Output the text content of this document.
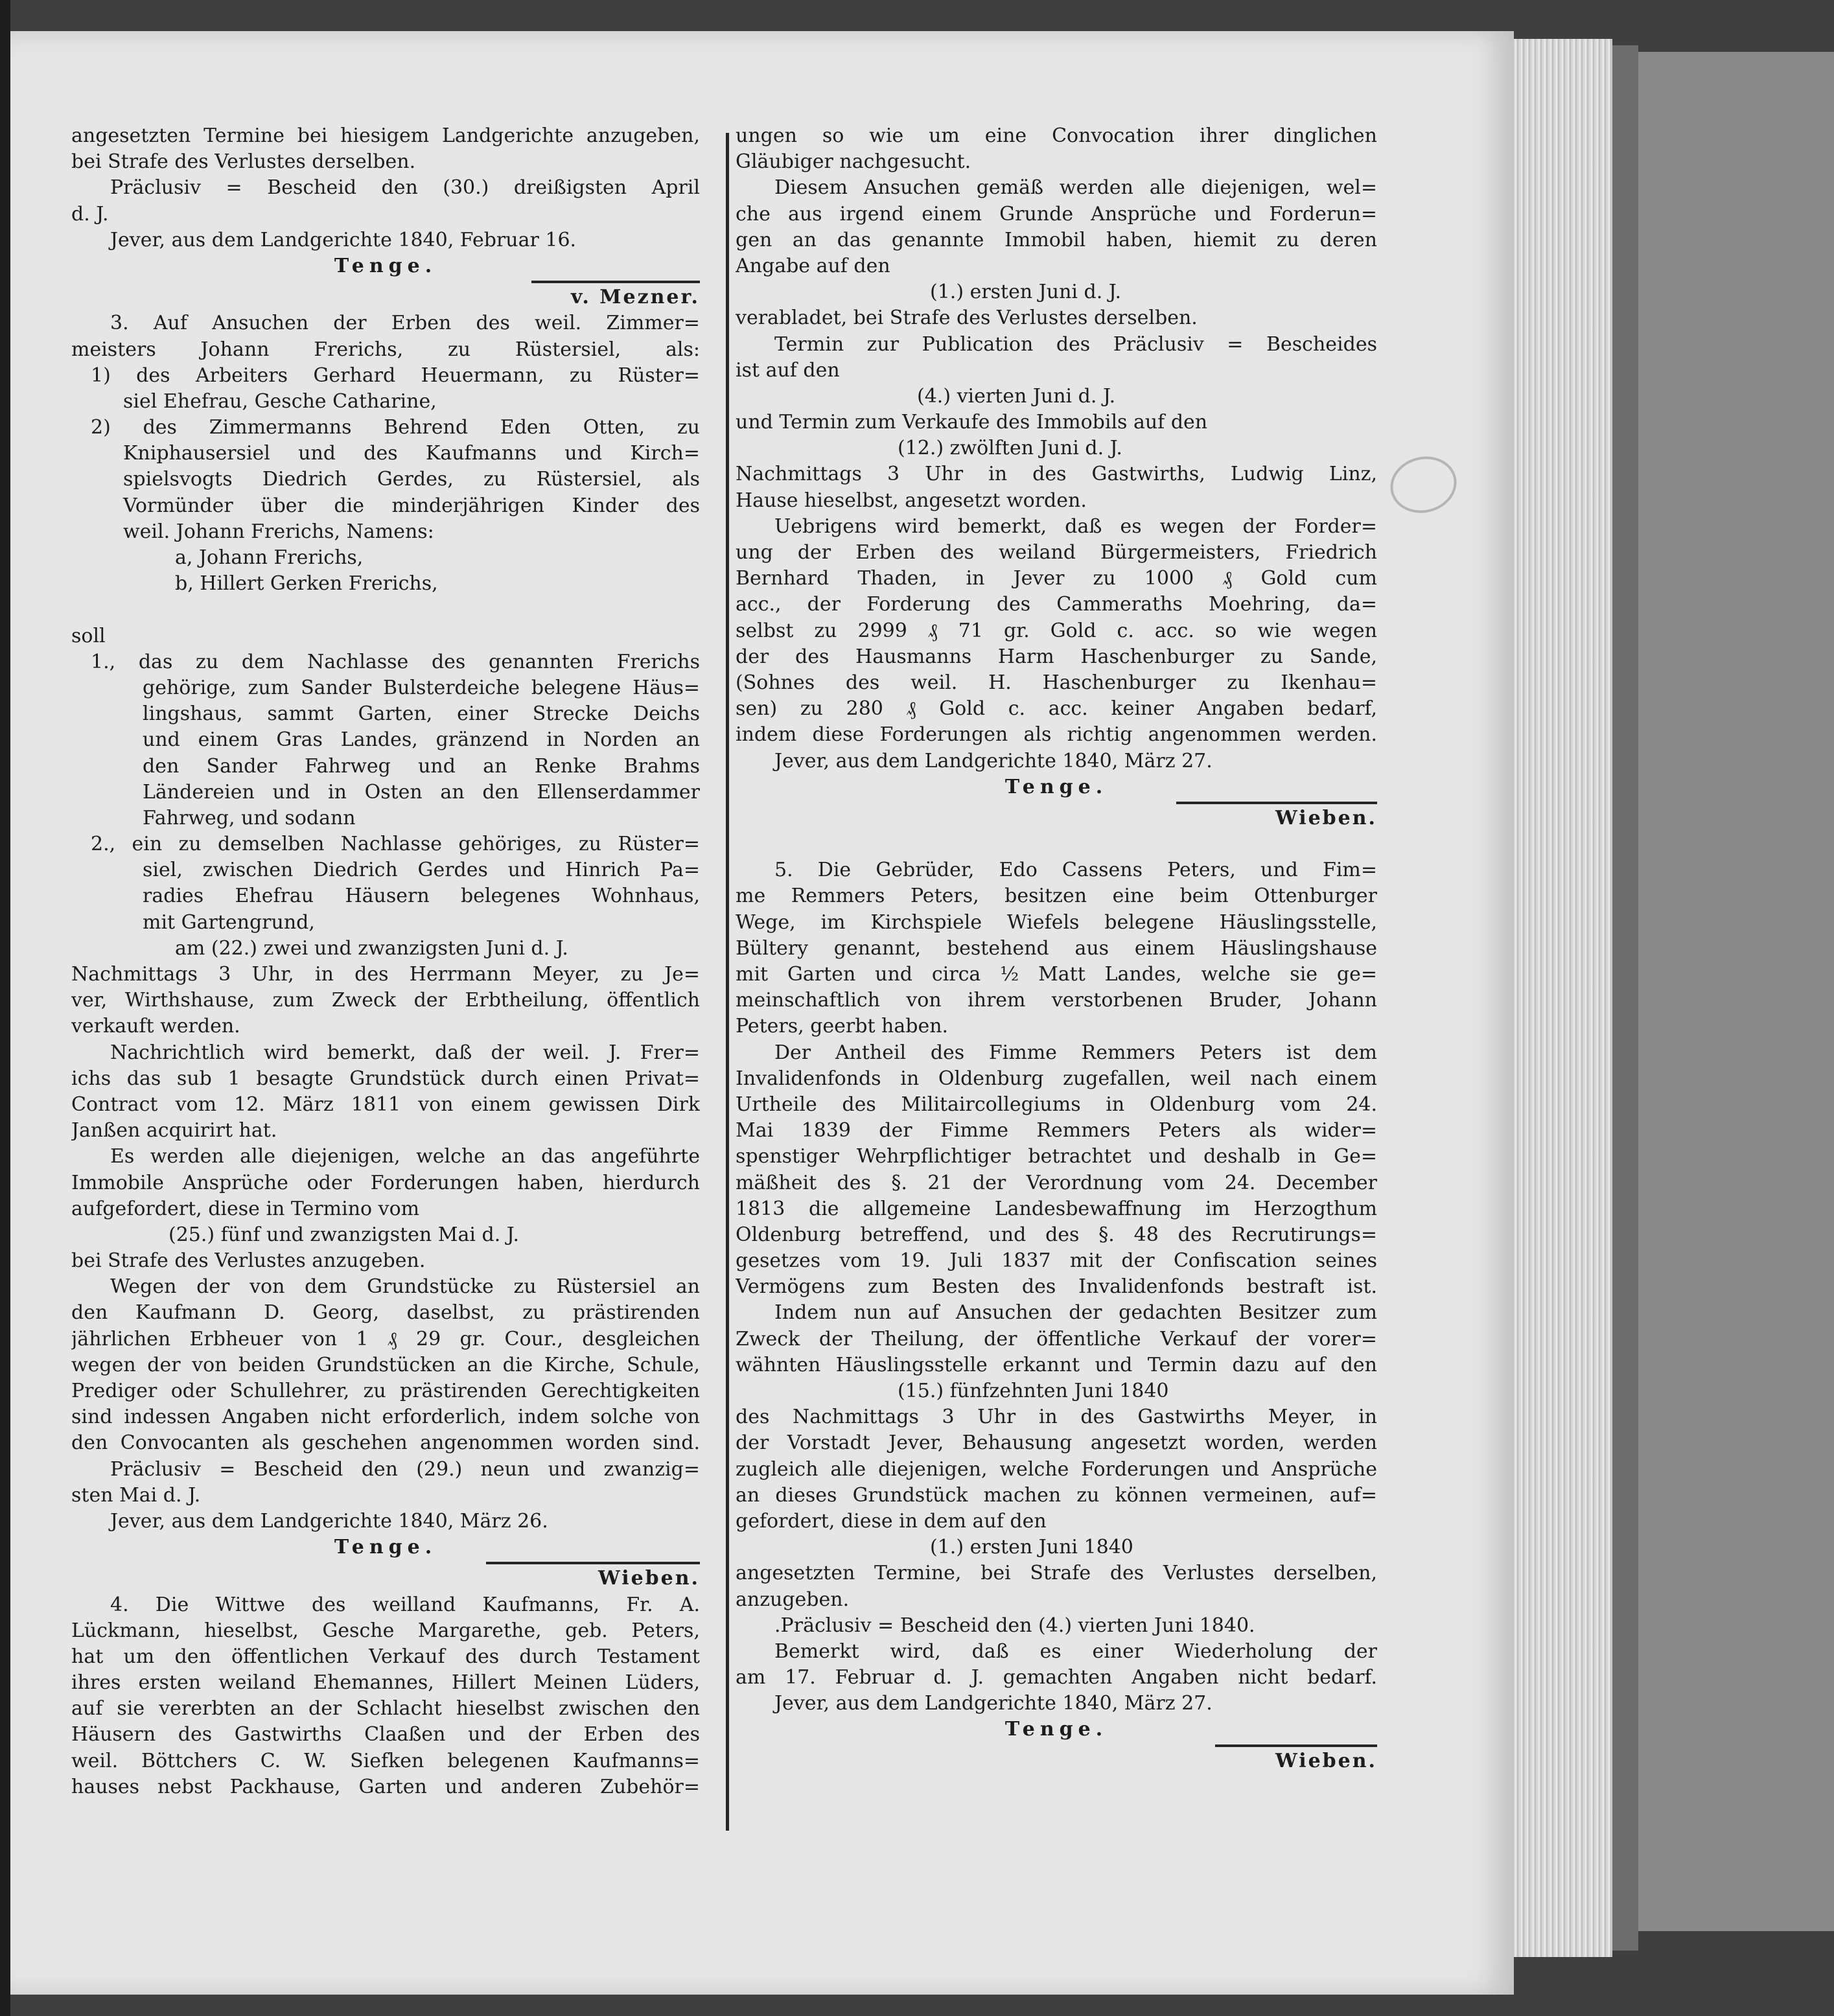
angesetzten Termine bei hiesigem Landgerichte anzugeben,
bei Strafe des Verlustes derselben.
Präclusiv = Bescheid den (30.) dreißigsten April
d. J.
Jever, aus dem Landgerichte 1840, Februar 16.
Tenge.
v. Mezner.
3. Auf Ansuchen der Erben des weil. Zimmer=
meisters Johann Frerichs, zu Rüstersiel, als:
1) des Arbeiters Gerhard Heuermann, zu Rüster=
siel Ehefrau, Gesche Catharine,
2) des Zimmermanns Behrend Eden Otten, zu
Kniphausersiel und des Kaufmanns und Kirch=
spielsvogts Diedrich Gerdes, zu Rüstersiel, als
Vormünder über die minderjährigen Kinder des
weil. Johann Frerichs, Namens:
a, Johann Frerichs,
b, Hillert Gerken Frerichs,
soll
1., das zu dem Nachlasse des genannten Frerichs
gehörige, zum Sander Bulsterdeiche belegene Häus=
lingshaus, sammt Garten, einer Strecke Deichs
und einem Gras Landes, gränzend in Norden an
den Sander Fahrweg und an Renke Brahms
Ländereien und in Osten an den Ellenserdammer
Fahrweg, und sodann
2., ein zu demselben Nachlasse gehöriges, zu Rüster=
siel, zwischen Diedrich Gerdes und Hinrich Pa=
radies Ehefrau Häusern belegenes Wohnhaus,
mit Gartengrund,
am (22.) zwei und zwanzigsten Juni d. J.
Nachmittags 3 Uhr, in des Herrmann Meyer, zu Je=
ver, Wirthshause, zum Zweck der Erbtheilung, öffentlich
verkauft werden.
Nachrichtlich wird bemerkt, daß der weil. J. Frer=
ichs das sub 1 besagte Grundstück durch einen Privat=
Contract vom 12. März 1811 von einem gewissen Dirk
Janßen acquirirt hat.
Es werden alle diejenigen, welche an das angeführte
Immobile Ansprüche oder Forderungen haben, hierdurch
aufgefordert, diese in Termino vom
(25.) fünf und zwanzigsten Mai d. J.
bei Strafe des Verlustes anzugeben.
Wegen der von dem Grundstücke zu Rüstersiel an
den Kaufmann D. Georg, daselbst, zu prästirenden
jährlichen Erbheuer von 1 ₰ 29 gr. Cour., desgleichen
wegen der von beiden Grundstücken an die Kirche, Schule,
Prediger oder Schullehrer, zu prästirenden Gerechtigkeiten
sind indessen Angaben nicht erforderlich, indem solche von
den Convocanten als geschehen angenommen worden sind.
Präclusiv = Bescheid den (29.) neun und zwanzig=
sten Mai d. J.
Jever, aus dem Landgerichte 1840, März 26.
Tenge.
Wieben.
4. Die Wittwe des weilland Kaufmanns, Fr. A.
Lückmann, hieselbst, Gesche Margarethe, geb. Peters,
hat um den öffentlichen Verkauf des durch Testament
ihres ersten weiland Ehemannes, Hillert Meinen Lüders,
auf sie vererbten an der Schlacht hieselbst zwischen den
Häusern des Gastwirths Claaßen und der Erben des
weil. Böttchers C. W. Siefken belegenen Kaufmanns=
hauses nebst Packhause, Garten und anderen Zubehör=
ungen so wie um eine Convocation ihrer dinglichen
Gläubiger nachgesucht.
Diesem Ansuchen gemäß werden alle diejenigen, wel=
che aus irgend einem Grunde Ansprüche und Forderun=
gen an das genannte Immobil haben, hiemit zu deren
Angabe auf den
(1.) ersten Juni d. J.
verabladet, bei Strafe des Verlustes derselben.
Termin zur Publication des Präclusiv = Bescheides
ist auf den
(4.) vierten Juni d. J.
und Termin zum Verkaufe des Immobils auf den
(12.) zwölften Juni d. J.
Nachmittags 3 Uhr in des Gastwirths, Ludwig Linz,
Hause hieselbst, angesetzt worden.
Uebrigens wird bemerkt, daß es wegen der Forder=
ung der Erben des weiland Bürgermeisters, Friedrich
Bernhard Thaden, in Jever zu 1000 ₰ Gold cum
acc., der Forderung des Cammeraths Moehring, da=
selbst zu 2999 ₰ 71 gr. Gold c. acc. so wie wegen
der des Hausmanns Harm Haschenburger zu Sande,
(Sohnes des weil. H. Haschenburger zu Ikenhau=
sen) zu 280 ₰ Gold c. acc. keiner Angaben bedarf,
indem diese Forderungen als richtig angenommen werden.
Jever, aus dem Landgerichte 1840, März 27.
Tenge.
Wieben.
5. Die Gebrüder, Edo Cassens Peters, und Fim=
me Remmers Peters, besitzen eine beim Ottenburger
Wege, im Kirchspiele Wiefels belegene Häuslingsstelle,
Bültery genannt, bestehend aus einem Häuslingshause
mit Garten und circa ½ Matt Landes, welche sie ge=
meinschaftlich von ihrem verstorbenen Bruder, Johann
Peters, geerbt haben.
Der Antheil des Fimme Remmers Peters ist dem
Invalidenfonds in Oldenburg zugefallen, weil nach einem
Urtheile des Militaircollegiums in Oldenburg vom 24.
Mai 1839 der Fimme Remmers Peters als wider=
spenstiger Wehrpflichtiger betrachtet und deshalb in Ge=
mäßheit des §. 21 der Verordnung vom 24. December
1813 die allgemeine Landesbewaffnung im Herzogthum
Oldenburg betreffend, und des §. 48 des Recrutirungs=
gesetzes vom 19. Juli 1837 mit der Confiscation seines
Vermögens zum Besten des Invalidenfonds bestraft ist.
Indem nun auf Ansuchen der gedachten Besitzer zum
Zweck der Theilung, der öffentliche Verkauf der vorer=
wähnten Häuslingsstelle erkannt und Termin dazu auf den
(15.) fünfzehnten Juni 1840
des Nachmittags 3 Uhr in des Gastwirths Meyer, in
der Vorstadt Jever, Behausung angesetzt worden, werden
zugleich alle diejenigen, welche Forderungen und Ansprüche
an dieses Grundstück machen zu können vermeinen, auf=
gefordert, diese in dem auf den
(1.) ersten Juni 1840
angesetzten Termine, bei Strafe des Verlustes derselben,
anzugeben.
.Präclusiv = Bescheid den (4.) vierten Juni 1840.
Bemerkt wird, daß es einer Wiederholung der
am 17. Februar d. J. gemachten Angaben nicht bedarf.
Jever, aus dem Landgerichte 1840, März 27.
Tenge.
Wieben.
